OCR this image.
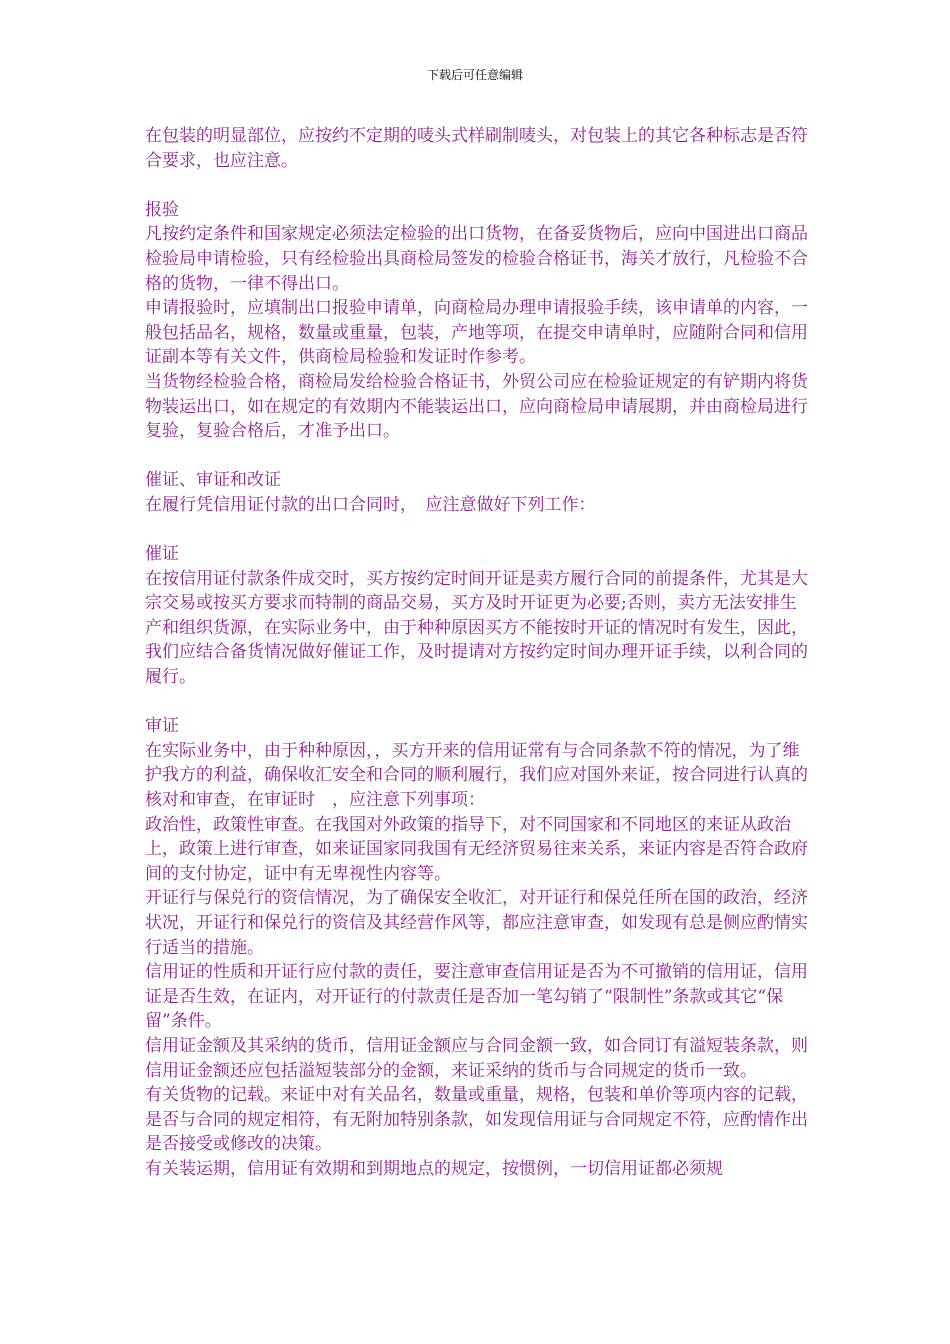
下载后可任意编辑

在包装的明显部位，应按约不定期的唛头式样刷制唛头，对包装上的其它各种标志是否符合要求，也应注意。

报验

凡按约定条件和国家规定必须法定检验的出口货物，在备妥货物后，应向中国进出口商品检验局申请检验，只有经检验出具商检局签发的检验合格证书，海关才放行，凡检验不合格的货物，一律不得出口。

申请报验时，应填制出口报验申请单，向商检局办理申请报验手续，该申请单的内容，一般包括品名，规格，数量或重量，包装，产地等项，在提交申请单时，应随附合同和信用证副本等有关文件，供商检局检验和发证时作参考。

当货物经检验合格，商检局发给检验合格证书，外贸公司应在检验证规定的有铲期内将货物装运出口，如在规定的有效期内不能装运出口，应向商检局申请展期，并由商检局进行复验，复验合格后，才准予出口。

催证、审证和改证

在履行凭信用证付款的出口合同时，　应注意做好下列工作：

催证

在按信用证付款条件成交时，买方按约定时间开证是卖方履行合同的前提条件，尤其是大宗交易或按买方要求而特制的商品交易，买方及时开证更为必要;否则，卖方无法安排生产和组织货源，在实际业务中，由于种种原因买方不能按时开证的情况时有发生，因此，我们应结合备货情况做好催证工作，及时提请对方按约定时间办理开证手续，以利合同的履行。

审证

在实际业务中，由于种种原因，，买方开来的信用证常有与合同条款不符的情况，为了维护我方的利益，确保收汇安全和合同的顺利履行，我们应对国外来证，按合同进行认真的核对和审查，在审证时　，应注意下列事项：

政治性，政策性审查。在我国对外政策的指导下，对不同国家和不同地区的来证从政治上，政策上进行审查，如来证国家同我国有无经济贸易往来关系，来证内容是否符合政府间的支付协定，证中有无卑视性内容等。

开证行与保兑行的资信情况，为了确保安全收汇，对开证行和保兑任所在国的政治，经济状况，开证行和保兑行的资信及其经营作风等，都应注意审查，如发现有总是侧应酌情实行适当的措施。

信用证的性质和开证行应付款的责任，要注意审查信用证是否为不可撤销的信用证，信用证是否生效，在证内，对开证行的付款责任是否加一笔勾销了“限制性”条款或其它“保留”条件。

信用证金额及其采纳的货币，信用证金额应与合同金额一致，如合同订有溢短装条款，则信用证金额还应包括溢短装部分的金额，来证采纳的货币与合同规定的货币一致。

有关货物的记载。来证中对有关品名，数量或重量，规格，包装和单价等项内容的记载，是否与合同的规定相符，有无附加特别条款，如发现信用证与合同规定不符，应酌情作出是否接受或修改的决策。

有关装运期，信用证有效期和到期地点的规定，按惯例，一切信用证都必须规
